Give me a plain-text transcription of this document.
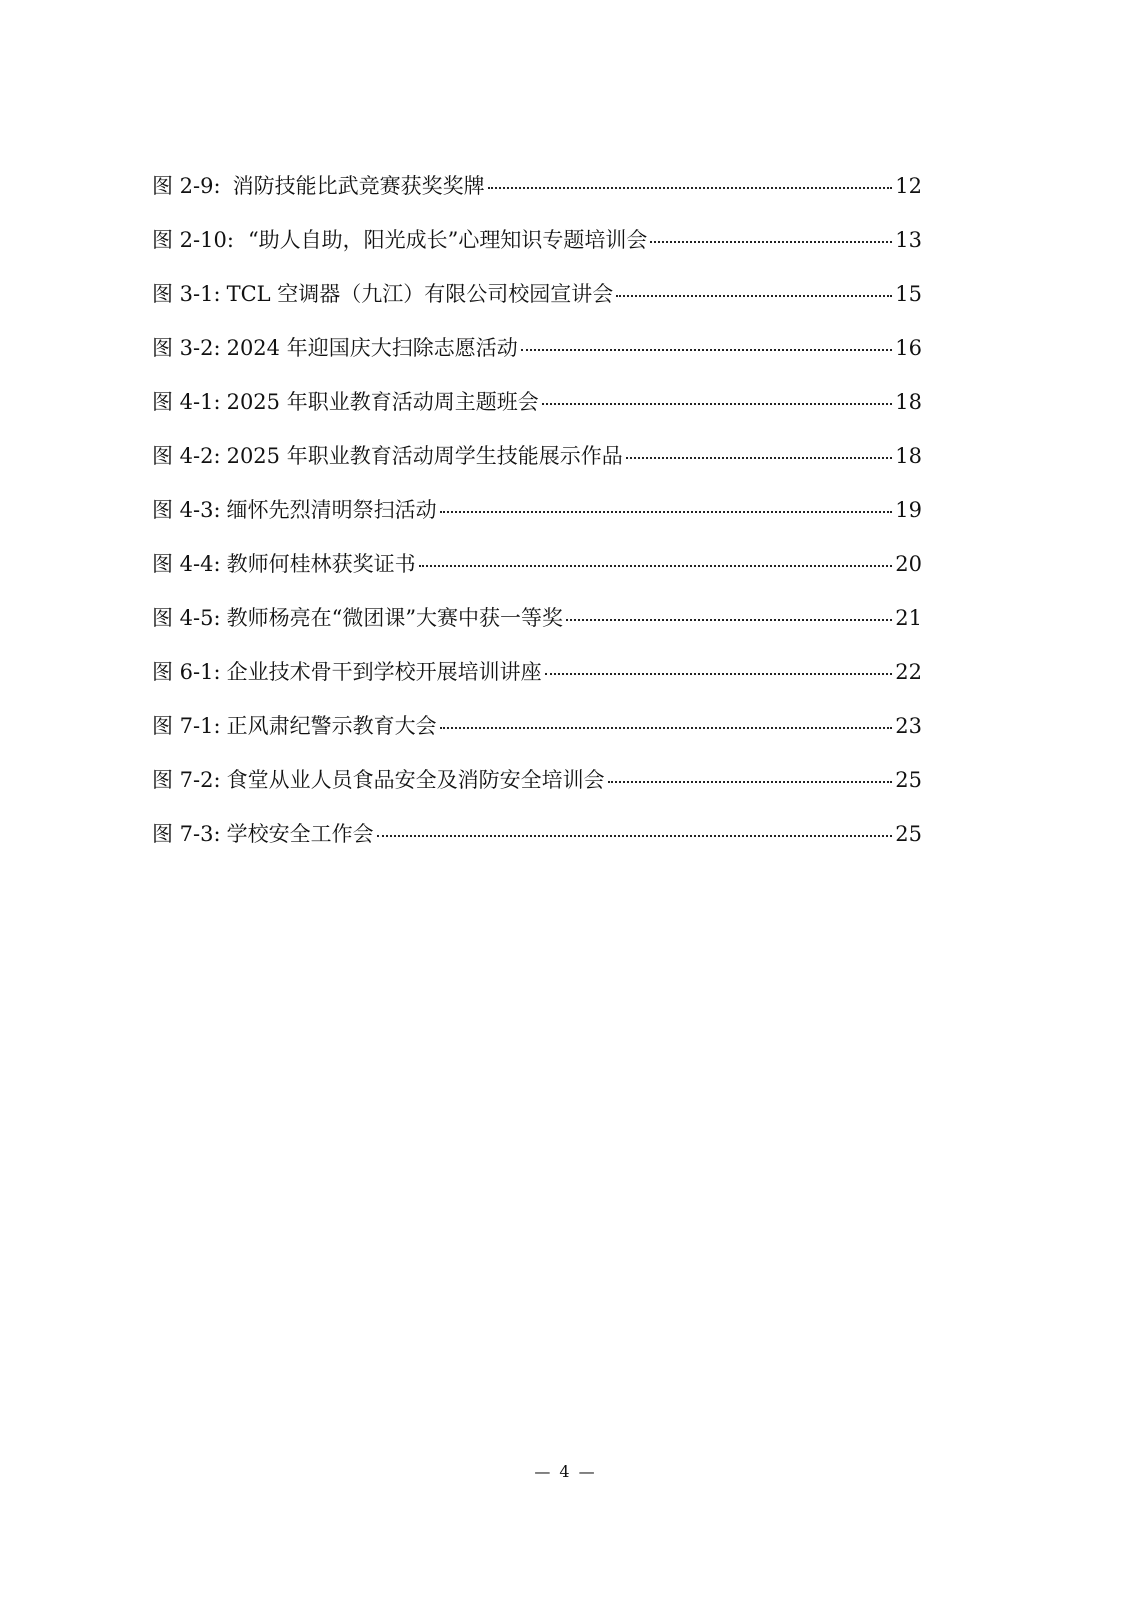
图 2-9: 消防技能比武竞赛获奖奖牌	12
图 2-10: “助人自助，阳光成长”心理知识专题培训会	13
图 3-1: TCL 空调器（九江）有限公司校园宣讲会	15
图 3-2: 2024 年迎国庆大扫除志愿活动	16
图 4-1: 2025 年职业教育活动周主题班会	18
图 4-2: 2025 年职业教育活动周学生技能展示作品	18
图 4-3: 缅怀先烈清明祭扫活动	19
图 4-4: 教师何桂林获奖证书	20
图 4-5: 教师杨亮在“微团课”大赛中获一等奖	21
图 6-1: 企业技术骨干到学校开展培训讲座	22
图 7-1: 正风肃纪警示教育大会	23
图 7-2: 食堂从业人员食品安全及消防安全培训会	25
图 7-3: 学校安全工作会	25
— 4 —
